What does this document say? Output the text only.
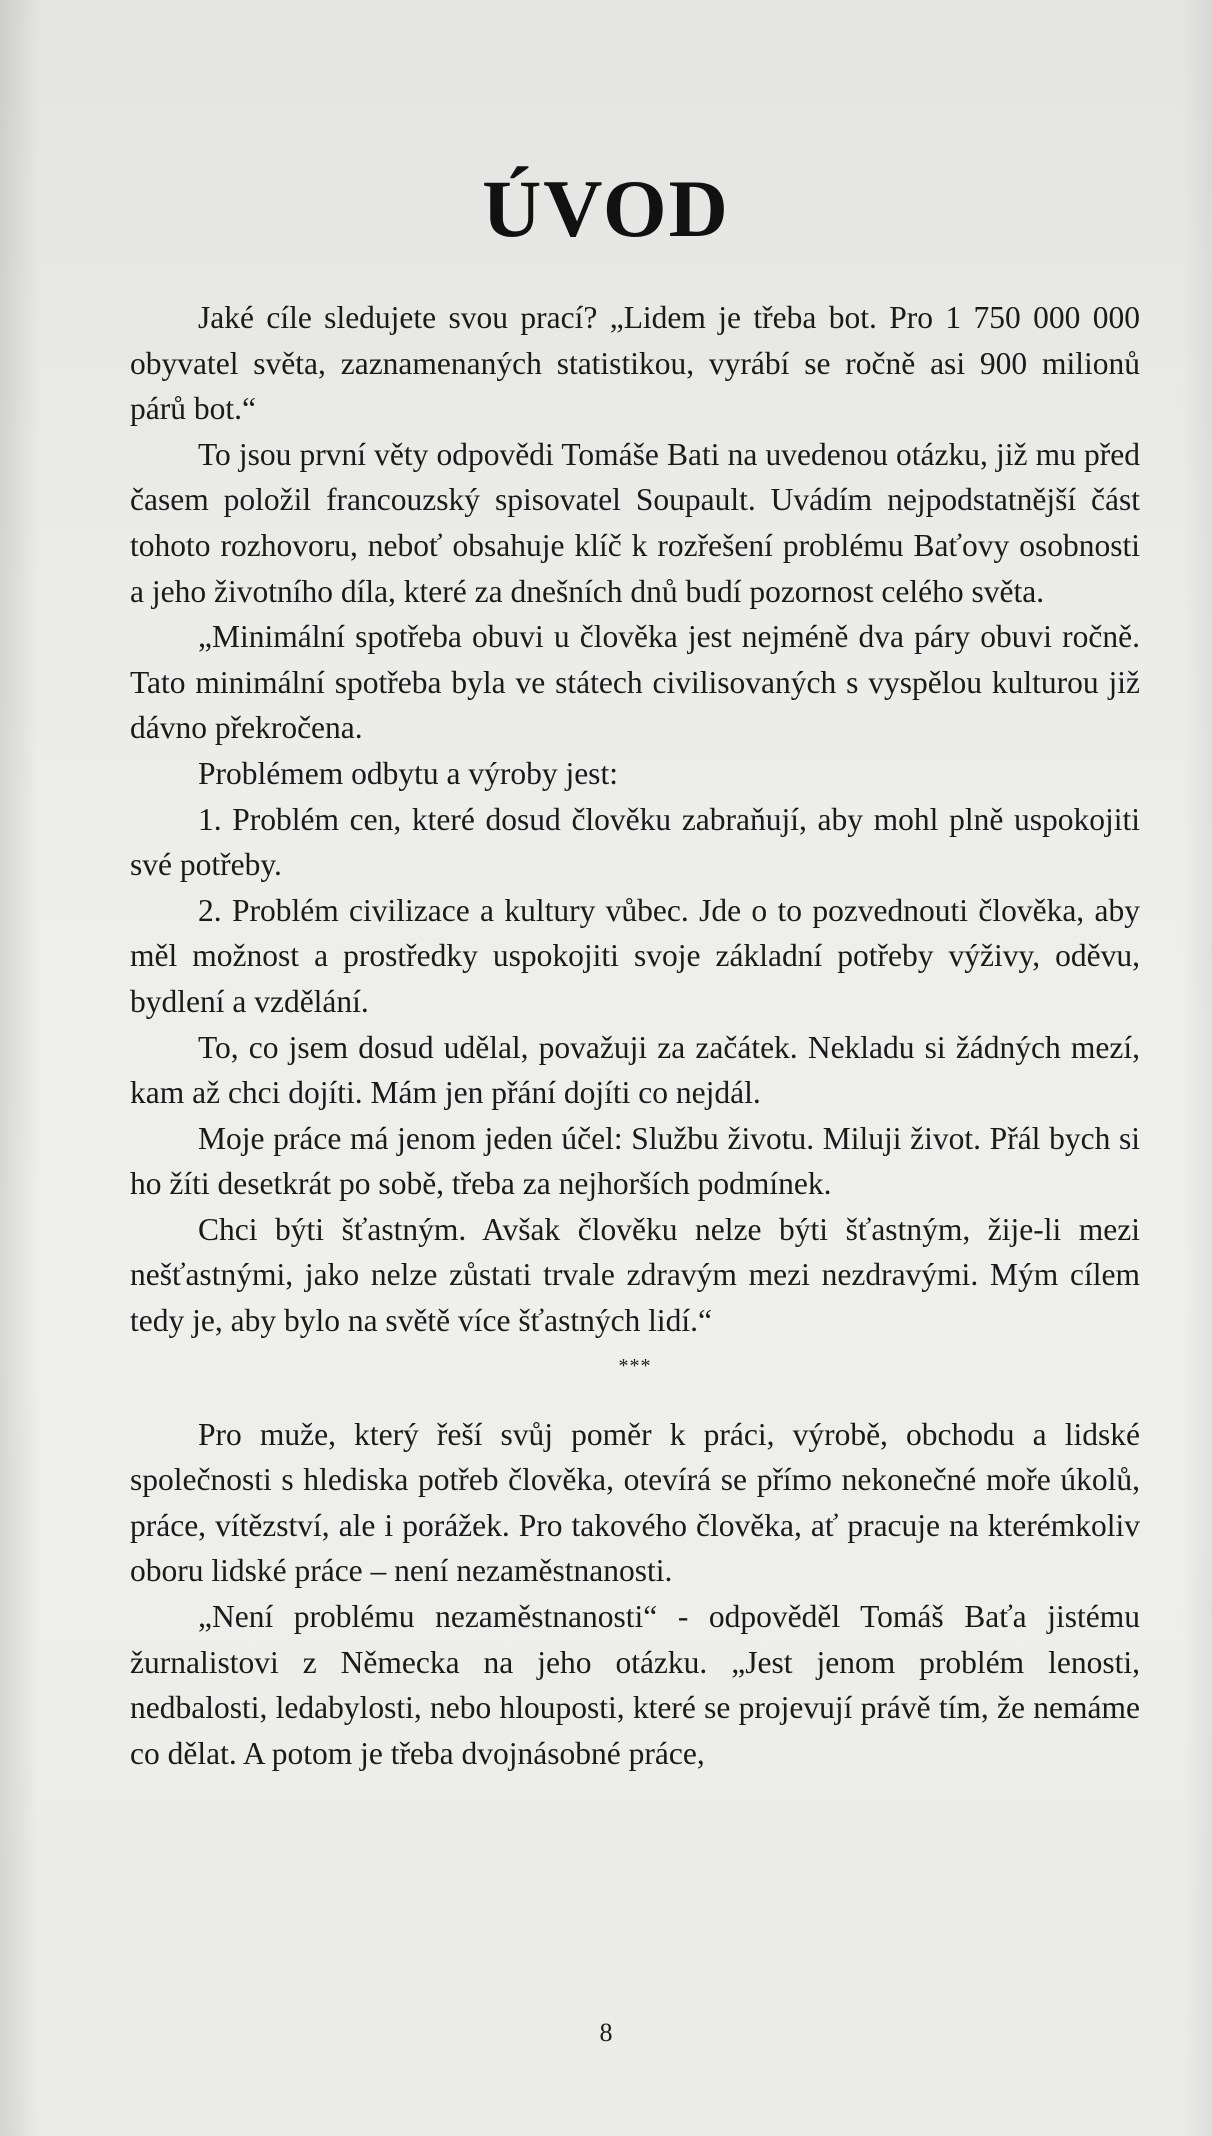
ÚVOD

Jaké cíle sledujete svou prací? „Lidem je třeba bot. Pro 1 750 000 000 obyvatel světa, zaznamenaných statistikou, vyrábí se ročně asi 900 milionů párů bot.“

To jsou první věty odpovědi Tomáše Bati na uvedenou otázku, již mu před časem položil francouzský spisovatel Soupault. Uvádím nejpodstatnější část tohoto rozhovoru, neboť obsahuje klíč k rozřešení problému Baťovy osobnosti a jeho životního díla, které za dnešních dnů budí pozornost celého světa.

„Minimální spotřeba obuvi u člověka jest nejméně dva páry obuvi ročně. Tato minimální spotřeba byla ve státech civilisovaných s vyspělou kulturou již dávno překročena.

Problémem odbytu a výroby jest:

1. Problém cen, které dosud člověku zabraňují, aby mohl plně uspokojiti své potřeby.

2. Problém civilizace a kultury vůbec. Jde o to pozvednouti člověka, aby měl možnost a prostředky uspokojiti svoje základní potřeby výživy, oděvu, bydlení a vzdělání.

To, co jsem dosud udělal, považuji za začátek. Nekladu si žádných mezí, kam až chci dojíti. Mám jen přání dojíti co nejdál.

Moje práce má jenom jeden účel: Službu životu. Miluji život. Přál bych si ho žíti desetkrát po sobě, třeba za nejhorších podmínek.

Chci býti šťastným. Avšak člověku nelze býti šťastným, žije-li mezi nešťastnými, jako nelze zůstati trvale zdravým mezi nezdravými. Mým cílem tedy je, aby bylo na světě více šťastných lidí.“

***

Pro muže, který řeší svůj poměr k práci, výrobě, obchodu a lidské společnosti s hlediska potřeb člověka, otevírá se přímo nekonečné moře úkolů, práce, vítězství, ale i porážek. Pro takového člověka, ať pracuje na kterémkoliv oboru lidské práce – není nezaměstnanosti.

„Není problému nezaměstnanosti“ - odpověděl Tomáš Baťa jistému žurnalistovi z Německa na jeho otázku. „Jest jenom problém lenosti, nedbalosti, ledabylosti, nebo hlouposti, které se projevují právě tím, že nemáme co dělat. A potom je třeba dvojnásobné práce,

8
